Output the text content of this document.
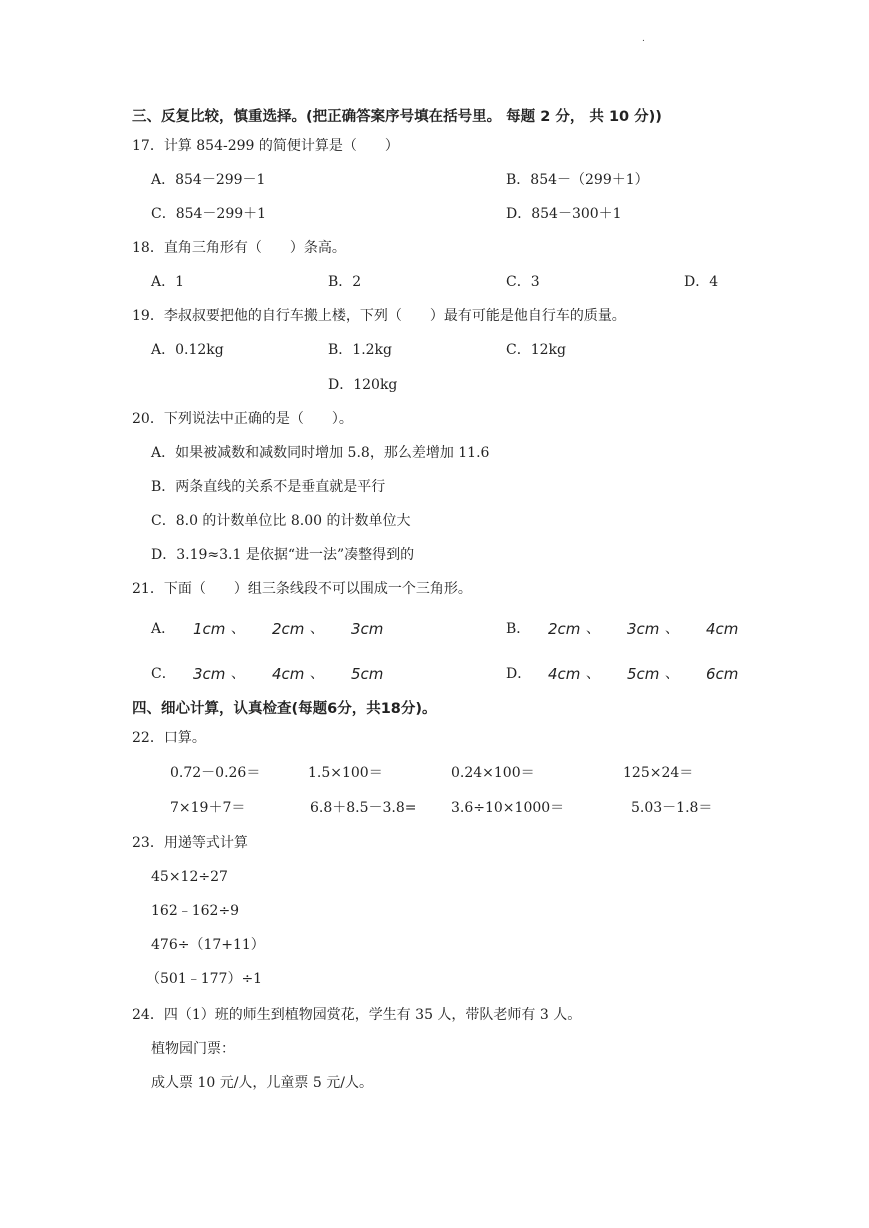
.
三、反复比较，慎重选择。(把正确答案序号填在括号里。 每题 2 分， 共 10 分))
17．计算 854-299 的简便计算是（　　）
A．854－299－1	B．854－（299＋1）
C．854－299＋1	D．854－300＋1
18．直角三角形有（　　）条高。
A．1	B．2	C．3	D．4
19．李叔叔要把他的自行车搬上楼，下列（　　）最有可能是他自行车的质量。
A．0.12kg	B．1.2kg	C．12kg
D．120kg
20．下列说法中正确的是（　　）。
A．如果被减数和减数同时增加 5.8，那么差增加 11.6
B．两条直线的关系不是垂直就是平行
C．8.0 的计数单位比 8.00 的计数单位大
D．3.19≈3.1 是依据“进一法”凑整得到的
21．下面（　　）组三条线段不可以围成一个三角形。
A． 1cm 、 2cm 、 3cm	B． 2cm 、 3cm 、 4cm
C． 3cm 、 4cm 、 5cm	D． 4cm 、 5cm 、 6cm
四、细心计算，认真检查(每题6分，共18分)。
22．口算。
0.72－0.26＝	1.5×100＝	0.24×100＝	125×24＝
7×19＋7＝	6.8＋8.5－3.8= 3.6÷10×1000＝	5.03－1.8＝
23．用递等式计算
45×12÷27
162﹣162÷9
476÷（17+11）
（501﹣177）÷1
24．四（1）班的师生到植物园赏花，学生有 35 人，带队老师有 3 人。
植物园门票：
成人票 10 元/人，儿童票 5 元/人。
